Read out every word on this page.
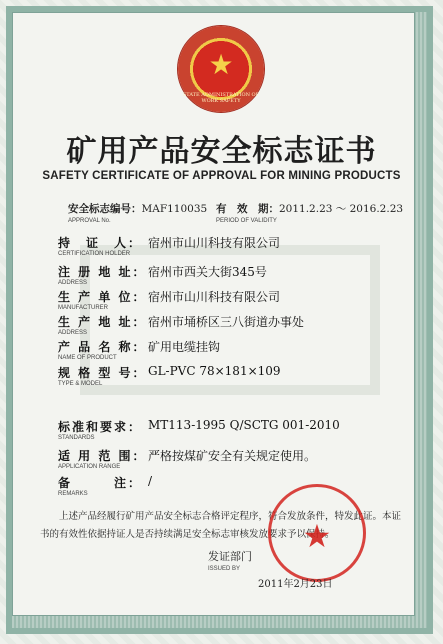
★
STATE ADMINISTRATION OF WORK SAFETY
矿用产品安全标志证书
SAFETY CERTIFICATE OF APPROVAL FOR MINING PRODUCTS
安全标志编号：MAF110035
APPROVAL No.
有　效　期：2011.2.23 ～ 2016.2.23
PERIOD OF VALIDITY
持　证　人： 宿州市山川科技有限公司
CERTIFICATION HOLDER
注 册 地 址： 宿州市西关大街345号
ADDRESS
生 产 单 位： 宿州市山川科技有限公司
MANUFACTURER
生 产 地 址： 宿州市埇桥区三八街道办事处
ADDRESS
产 品 名 称： 矿用电缆挂钩
NAME OF PRODUCT
规 格 型 号： GL-PVC 78×181×109
TYPE & MODEL
标准和要求： MT113-1995 Q/SCTG 001-2010
STANDARDS
适 用 范 围： 严格按煤矿安全有关规定使用。
APPLICATION RANGE
备　　　注： /
REMARKS
上述产品经履行矿用产品安全标志合格评定程序，符合发放条件，特发此证。本证书的有效性依据持证人是否持续满足安全标志审核发放要求予以保持。
★
发证部门
ISSUED BY
2011年2月23日
